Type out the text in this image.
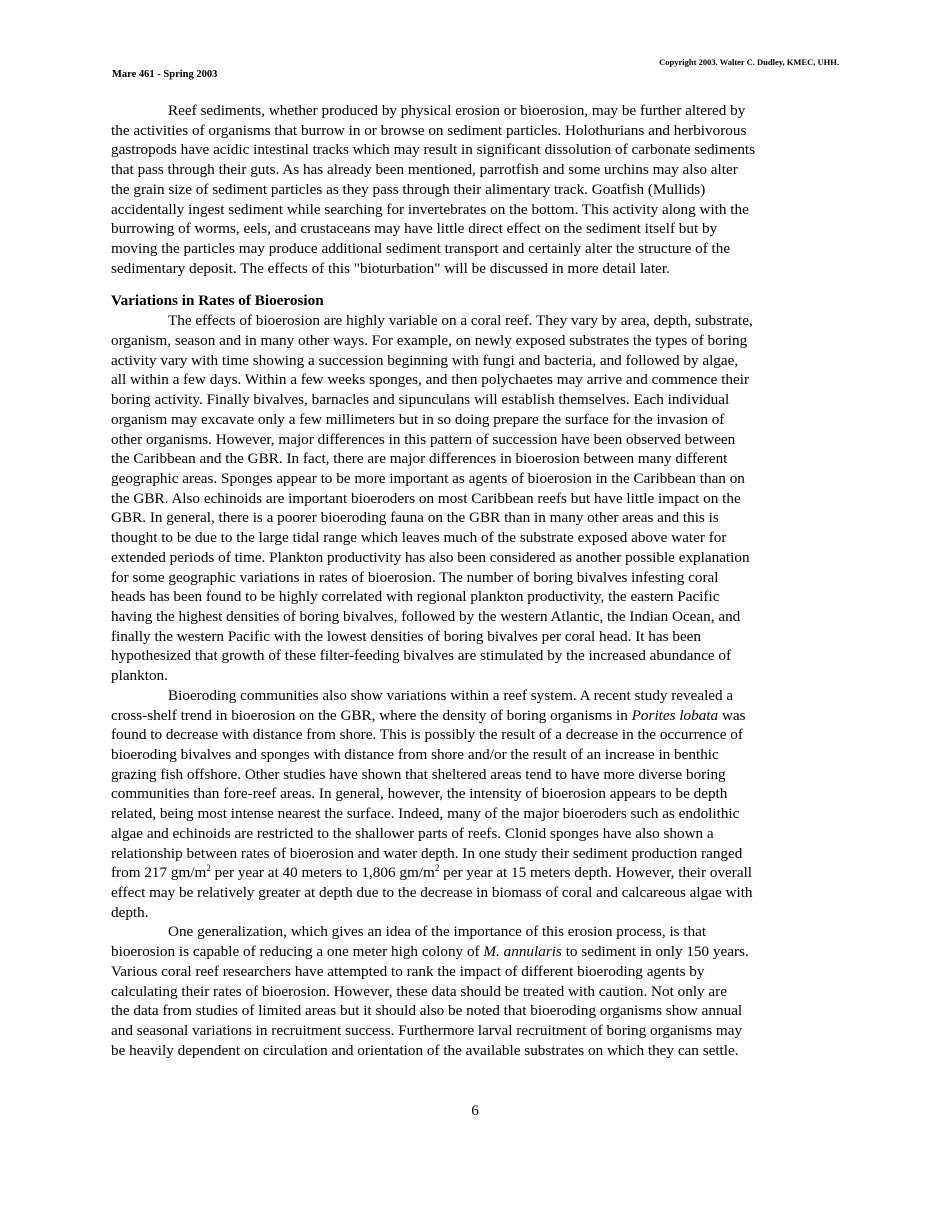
Copyright 2003. Walter C. Dudley, KMEC, UHH.
Mare 461 - Spring 2003

Reef sediments, whether produced by physical erosion or bioerosion, may be further altered by
the activities of organisms that burrow in or browse on sediment particles. Holothurians and herbivorous
gastropods have acidic intestinal tracks which may result in significant dissolution of carbonate sediments
that pass through their guts. As has already been mentioned, parrotfish and some urchins may also alter
the grain size of sediment particles as they pass through their alimentary track. Goatfish (Mullids)
accidentally ingest sediment while searching for invertebrates on the bottom. This activity along with the
burrowing of worms, eels, and crustaceans may have little direct effect on the sediment itself but by
moving the particles may produce additional sediment transport and certainly alter the structure of the
sedimentary deposit. The effects of this "bioturbation" will be discussed in more detail later.

Variations in Rates of Bioerosion

The effects of bioerosion are highly variable on a coral reef. They vary by area, depth, substrate,
organism, season and in many other ways. For example, on newly exposed substrates the types of boring
activity vary with time showing a succession beginning with fungi and bacteria, and followed by algae,
all within a few days. Within a few weeks sponges, and then polychaetes may arrive and commence their
boring activity. Finally bivalves, barnacles and sipunculans will establish themselves. Each individual
organism may excavate only a few millimeters but in so doing prepare the surface for the invasion of
other organisms. However, major differences in this pattern of succession have been observed between
the Caribbean and the GBR. In fact, there are major differences in bioerosion between many different
geographic areas. Sponges appear to be more important as agents of bioerosion in the Caribbean than on
the GBR. Also echinoids are important bioeroders on most Caribbean reefs but have little impact on the
GBR. In general, there is a poorer bioeroding fauna on the GBR than in many other areas and this is
thought to be due to the large tidal range which leaves much of the substrate exposed above water for
extended periods of time. Plankton productivity has also been considered as another possible explanation
for some geographic variations in rates of bioerosion. The number of boring bivalves infesting coral
heads has been found to be highly correlated with regional plankton productivity, the eastern Pacific
having the highest densities of boring bivalves, followed by the western Atlantic, the Indian Ocean, and
finally the western Pacific with the lowest densities of boring bivalves per coral head. It has been
hypothesized that growth of these filter-feeding bivalves are stimulated by the increased abundance of
plankton.

Bioeroding communities also show variations within a reef system. A recent study revealed a
cross-shelf trend in bioerosion on the GBR, where the density of boring organisms in Porites lobata was
found to decrease with distance from shore. This is possibly the result of a decrease in the occurrence of
bioeroding bivalves and sponges with distance from shore and/or the result of an increase in benthic
grazing fish offshore. Other studies have shown that sheltered areas tend to have more diverse boring
communities than fore-reef areas. In general, however, the intensity of bioerosion appears to be depth
related, being most intense nearest the surface. Indeed, many of the major bioeroders such as endolithic
algae and echinoids are restricted to the shallower parts of reefs. Clonid sponges have also shown a
relationship between rates of bioerosion and water depth. In one study their sediment production ranged
from 217 $gm/m^2$ per year at 40 meters to 1,806 $gm/m^2$ per year at 15 meters depth. However, their overall
effect may be relatively greater at depth due to the decrease in biomass of coral and calcareous algae with
depth.

One generalization, which gives an idea of the importance of this erosion process, is that
bioerosion is capable of reducing a one meter high colony of M. annularis to sediment in only 150 years.
Various coral reef researchers have attempted to rank the impact of different bioeroding agents by
calculating their rates of bioerosion. However, these data should be treated with caution. Not only are
the data from studies of limited areas but it should also be noted that bioeroding organisms show annual
and seasonal variations in recruitment success. Furthermore larval recruitment of boring organisms may
be heavily dependent on circulation and orientation of the available substrates on which they can settle.

6
